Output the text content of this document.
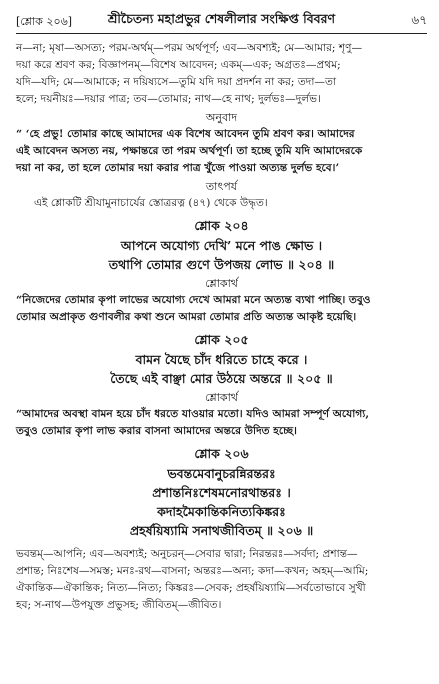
[শ্লোক ২০৬]	শ্রীচৈতন্য মহাপ্রভুর শেষলীলার সংক্ষিপ্ত বিবরণ	৬৭

ন—না; মৃষা—অসত্য; পরম-অর্থম্—পরম অর্থপূর্ণ; এব—অবশ্যই; মে—আমার; শৃণু—

দয়া করে শ্রবণ কর; বিজ্ঞাপনম্—বিশেষ আবেদন; একম্—এক; অগ্রতঃ—প্রথম;

যদি—যদি; মে—আমাকে; ন দয়িষ্যসে—তুমি যদি দয়া প্রদর্শন না কর; তদা—তা

হলে; দয়নীয়ঃ—দয়ার পাত্র; তব—তোমার; নাথ—হে নাথ; দুর্লভঃ—দুর্লভ।

অনুবাদ

“ ‘হে প্রভু! তোমার কাছে আমাদের এক বিশেষ আবেদন তুমি শ্রবণ কর। আমাদের

এই আবেদন অসত্য নয়, পক্ষান্তরে তা পরম অর্থপূর্ণ। তা হচ্ছে তুমি যদি আমাদেরকে

দয়া না কর, তা হলে তোমার দয়া করার পাত্র খুঁজে পাওয়া অত্যন্ত দুর্লভ হবে।’

তাৎপর্য

এই শ্লোকটি শ্রীযামুনাচার্যের স্তোত্ররত্ন (৪৭) থেকে উদ্ধৃত।

শ্লোক ২০৪

আপনে অযোগ্য দেখি’ মনে পাঙ ক্ষোভ ।

তথাপি তোমার গুণে উপজয় লোভ ॥ ২০৪ ॥

শ্লোকার্থ

“নিজেদের তোমার কৃপা লাভের অযোগ্য দেখে আমরা মনে অত্যন্ত ব্যথা পাচ্ছি। তবুও

তোমার অপ্রাকৃত গুণাবলীর কথা শুনে আমরা তোমার প্রতি অত্যন্ত আকৃষ্ট হয়েছি।

শ্লোক ২০৫

বামন যৈছে চাঁদ ধরিতে চাহে করে ।

তৈছে এই বাঞ্ছা মোর উঠয়ে অন্তরে ॥ ২০৫ ॥

শ্লোকার্থ

“আমাদের অবস্থা বামন হয়ে চাঁদ ধরতে যাওয়ার মতো। যদিও আমরা সম্পূর্ণ অযোগ্য,

তবুও তোমার কৃপা লাভ করার বাসনা আমাদের অন্তরে উদিত হচ্ছে।

শ্লোক ২০৬

ভবন্তমেবানুচরন্নিরন্তরঃ

প্রশান্তনিঃশেষমনোরথান্তরঃ ।

কদাহমৈকান্তিকনিত্যকিঙ্করঃ

প্রহর্ষয়িষ্যামি সনাথজীবিতম্ ॥ ২০৬ ॥

ভবন্তম্—আপনি; এব—অবশ্যই; অনুচরন্—সেবার দ্বারা; নিরন্তরঃ—সর্বদা; প্রশান্ত—

প্রশান্ত; নিঃশেষ—সমস্ত; মনঃ-রথ—বাসনা; অন্তরঃ—অন্য; কদা—কখন; অহম্—আমি;

ঐকান্তিক—ঐকান্তিক; নিত্য—নিত্য; কিঙ্করঃ—সেবক; প্রহর্ষয়িষ্যামি—সর্বতোভাবে সুখী

হব; স-নাথ—উপযুক্ত প্রভুসহ; জীবিতম্—জীবিত।
